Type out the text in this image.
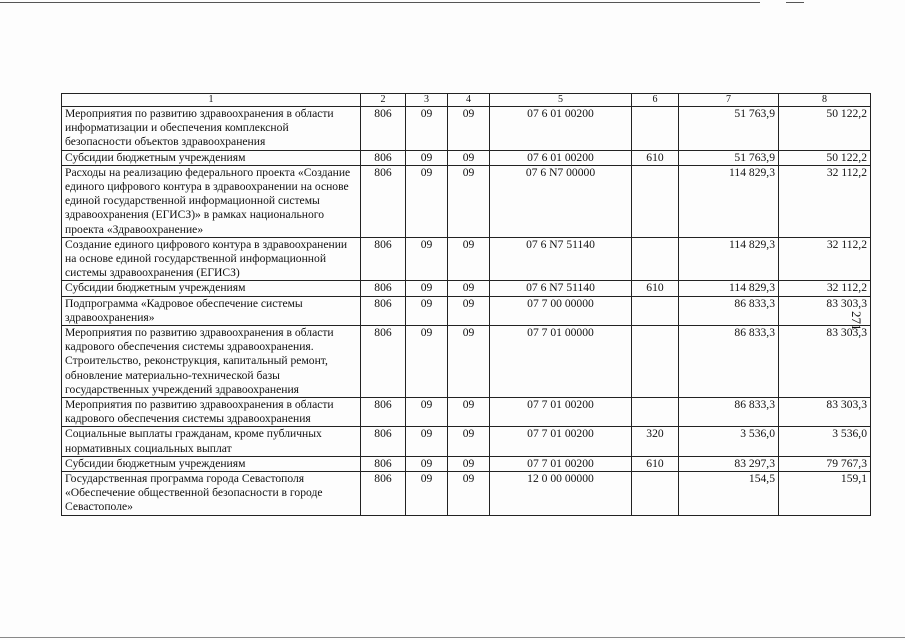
271
1	2	3	4	5	6	7	8
Мероприятия по развитию здравоохранения в области информатизации и обеспечения комплексной безопасности объектов здравоохранения	806	09	09	07 6 01 00200		51 763,9	50 122,2
Субсидии бюджетным учреждениям	806	09	09	07 6 01 00200	610	51 763,9	50 122,2
Расходы на реализацию федерального проекта «Создание единого цифрового контура в здравоохранении на основе единой государственной информационной системы здравоохранения (ЕГИСЗ)» в рамках национального проекта «Здравоохранение»	806	09	09	07 6 N7 00000		114 829,3	32 112,2
Создание единого цифрового контура в здравоохранении на основе единой государственной информационной системы здравоохранения (ЕГИСЗ)	806	09	09	07 6 N7 51140		114 829,3	32 112,2
Субсидии бюджетным учреждениям	806	09	09	07 6 N7 51140	610	114 829,3	32 112,2
Подпрограмма «Кадровое обеспечение системы здравоохранения»	806	09	09	07 7 00 00000		86 833,3	83 303,3
Мероприятия по развитию здравоохранения в области кадрового обеспечения системы здравоохранения. Строительство, реконструкция, капитальный ремонт, обновление материально-технической базы государственных учреждений здравоохранения	806	09	09	07 7 01 00000		86 833,3	83 303,3
Мероприятия по развитию здравоохранения в области кадрового обеспечения системы здравоохранения	806	09	09	07 7 01 00200		86 833,3	83 303,3
Социальные выплаты гражданам, кроме публичных нормативных социальных выплат	806	09	09	07 7 01 00200	320	3 536,0	3 536,0
Субсидии бюджетным учреждениям	806	09	09	07 7 01 00200	610	83 297,3	79 767,3
Государственная программа города Севастополя «Обеспечение общественной безопасности в городе Севастополе»	806	09	09	12 0 00 00000		154,5	159,1
